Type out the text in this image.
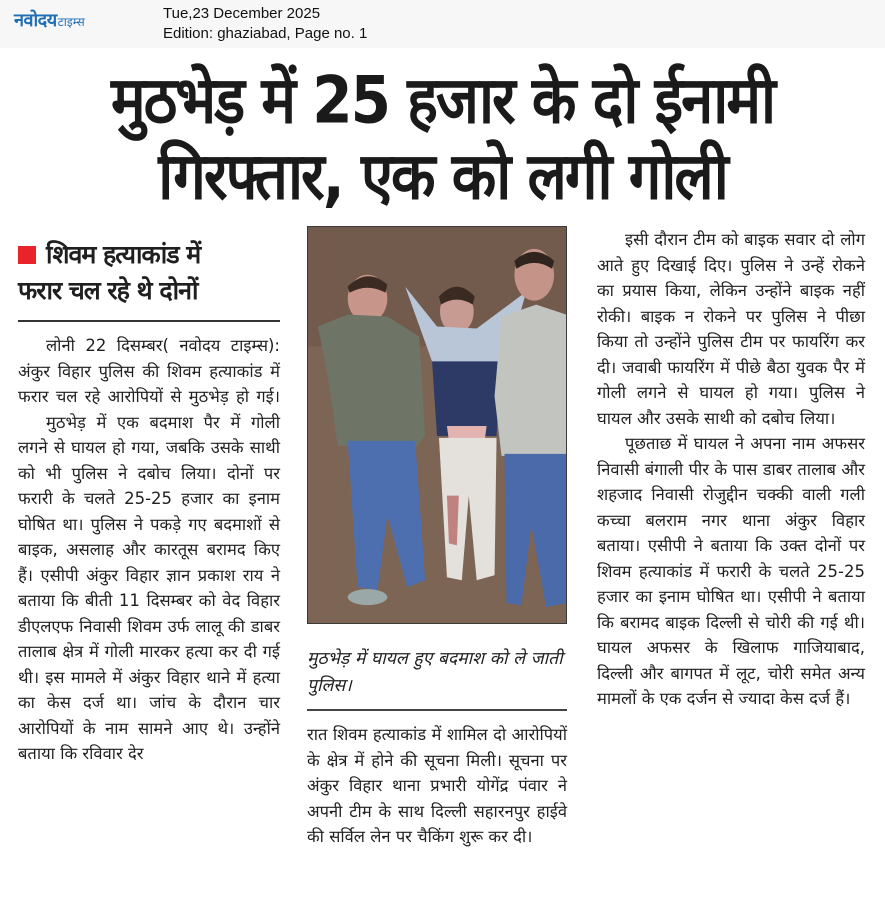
नवोदय टाइम्स	Tue,23 December 2025
Edition: ghaziabad, Page no. 1
मुठभेड़ में 25 हजार के दो ईनामी
गिरफ्तार, एक को लगी गोली
शिवम हत्याकांड में
फरार चल रहे थे दोनों

लोनी 22 दिसम्बर( नवोदय टाइम्स): अंकुर विहार पुलिस की शिवम हत्याकांड में फरार चल रहे आरोपियों से मुठभेड़ हो गई।

मुठभेड़ में एक बदमाश पैर में गोली लगने से घायल हो गया, जबकि उसके साथी को भी पुलिस ने दबोच लिया। दोनों पर फरारी के चलते 25-25 हजार का इनाम घोषित था। पुलिस ने पकड़े गए बदमाशों से बाइक, असलाह और कारतूस बरामद किए हैं। एसीपी अंकुर विहार ज्ञान प्रकाश राय ने बताया कि बीती 11 दिसम्बर को वेद विहार डीएलएफ निवासी शिवम उर्फ लालू की डाबर तालाब क्षेत्र में गोली मारकर हत्या कर दी गई थी। इस मामले में अंकुर विहार थाने में हत्या का केस दर्ज था। जांच के दौरान चार आरोपियों के नाम सामने आए थे। उन्होंने बताया कि रविवार देर

मुठभेड़ में घायल हुए बदमाश को ले जाती पुलिस।

रात शिवम हत्याकांड में शामिल दो आरोपियों के क्षेत्र में होने की सूचना मिली। सूचना पर अंकुर विहार थाना प्रभारी योगेंद्र पंवार ने अपनी टीम के साथ दिल्ली सहारनपुर हाईवे की सर्विल लेन पर चैकिंग शुरू कर दी।

इसी दौरान टीम को बाइक सवार दो लोग आते हुए दिखाई दिए। पुलिस ने उन्हें रोकने का प्रयास किया, लेकिन उन्होंने बाइक नहीं रोकी। बाइक न रोकने पर पुलिस ने पीछा किया तो उन्होंने पुलिस टीम पर फायरिंग कर दी। जवाबी फायरिंग में पीछे बैठा युवक पैर में गोली लगने से घायल हो गया। पुलिस ने घायल और उसके साथी को दबोच लिया।

पूछताछ में घायल ने अपना नाम अफसर निवासी बंगाली पीर के पास डाबर तालाब और शहजाद निवासी रोजुद्दीन चक्की वाली गली कच्चा बलराम नगर थाना अंकुर विहार बताया। एसीपी ने बताया कि उक्त दोनों पर शिवम हत्याकांड में फरारी के चलते 25-25 हजार का इनाम घोषित था। एसीपी ने बताया कि बरामद बाइक दिल्ली से चोरी की गई थी। घायल अफसर के खिलाफ गाजियाबाद, दिल्ली और बागपत में लूट, चोरी समेत अन्य मामलों के एक दर्जन से ज्यादा केस दर्ज हैं।
